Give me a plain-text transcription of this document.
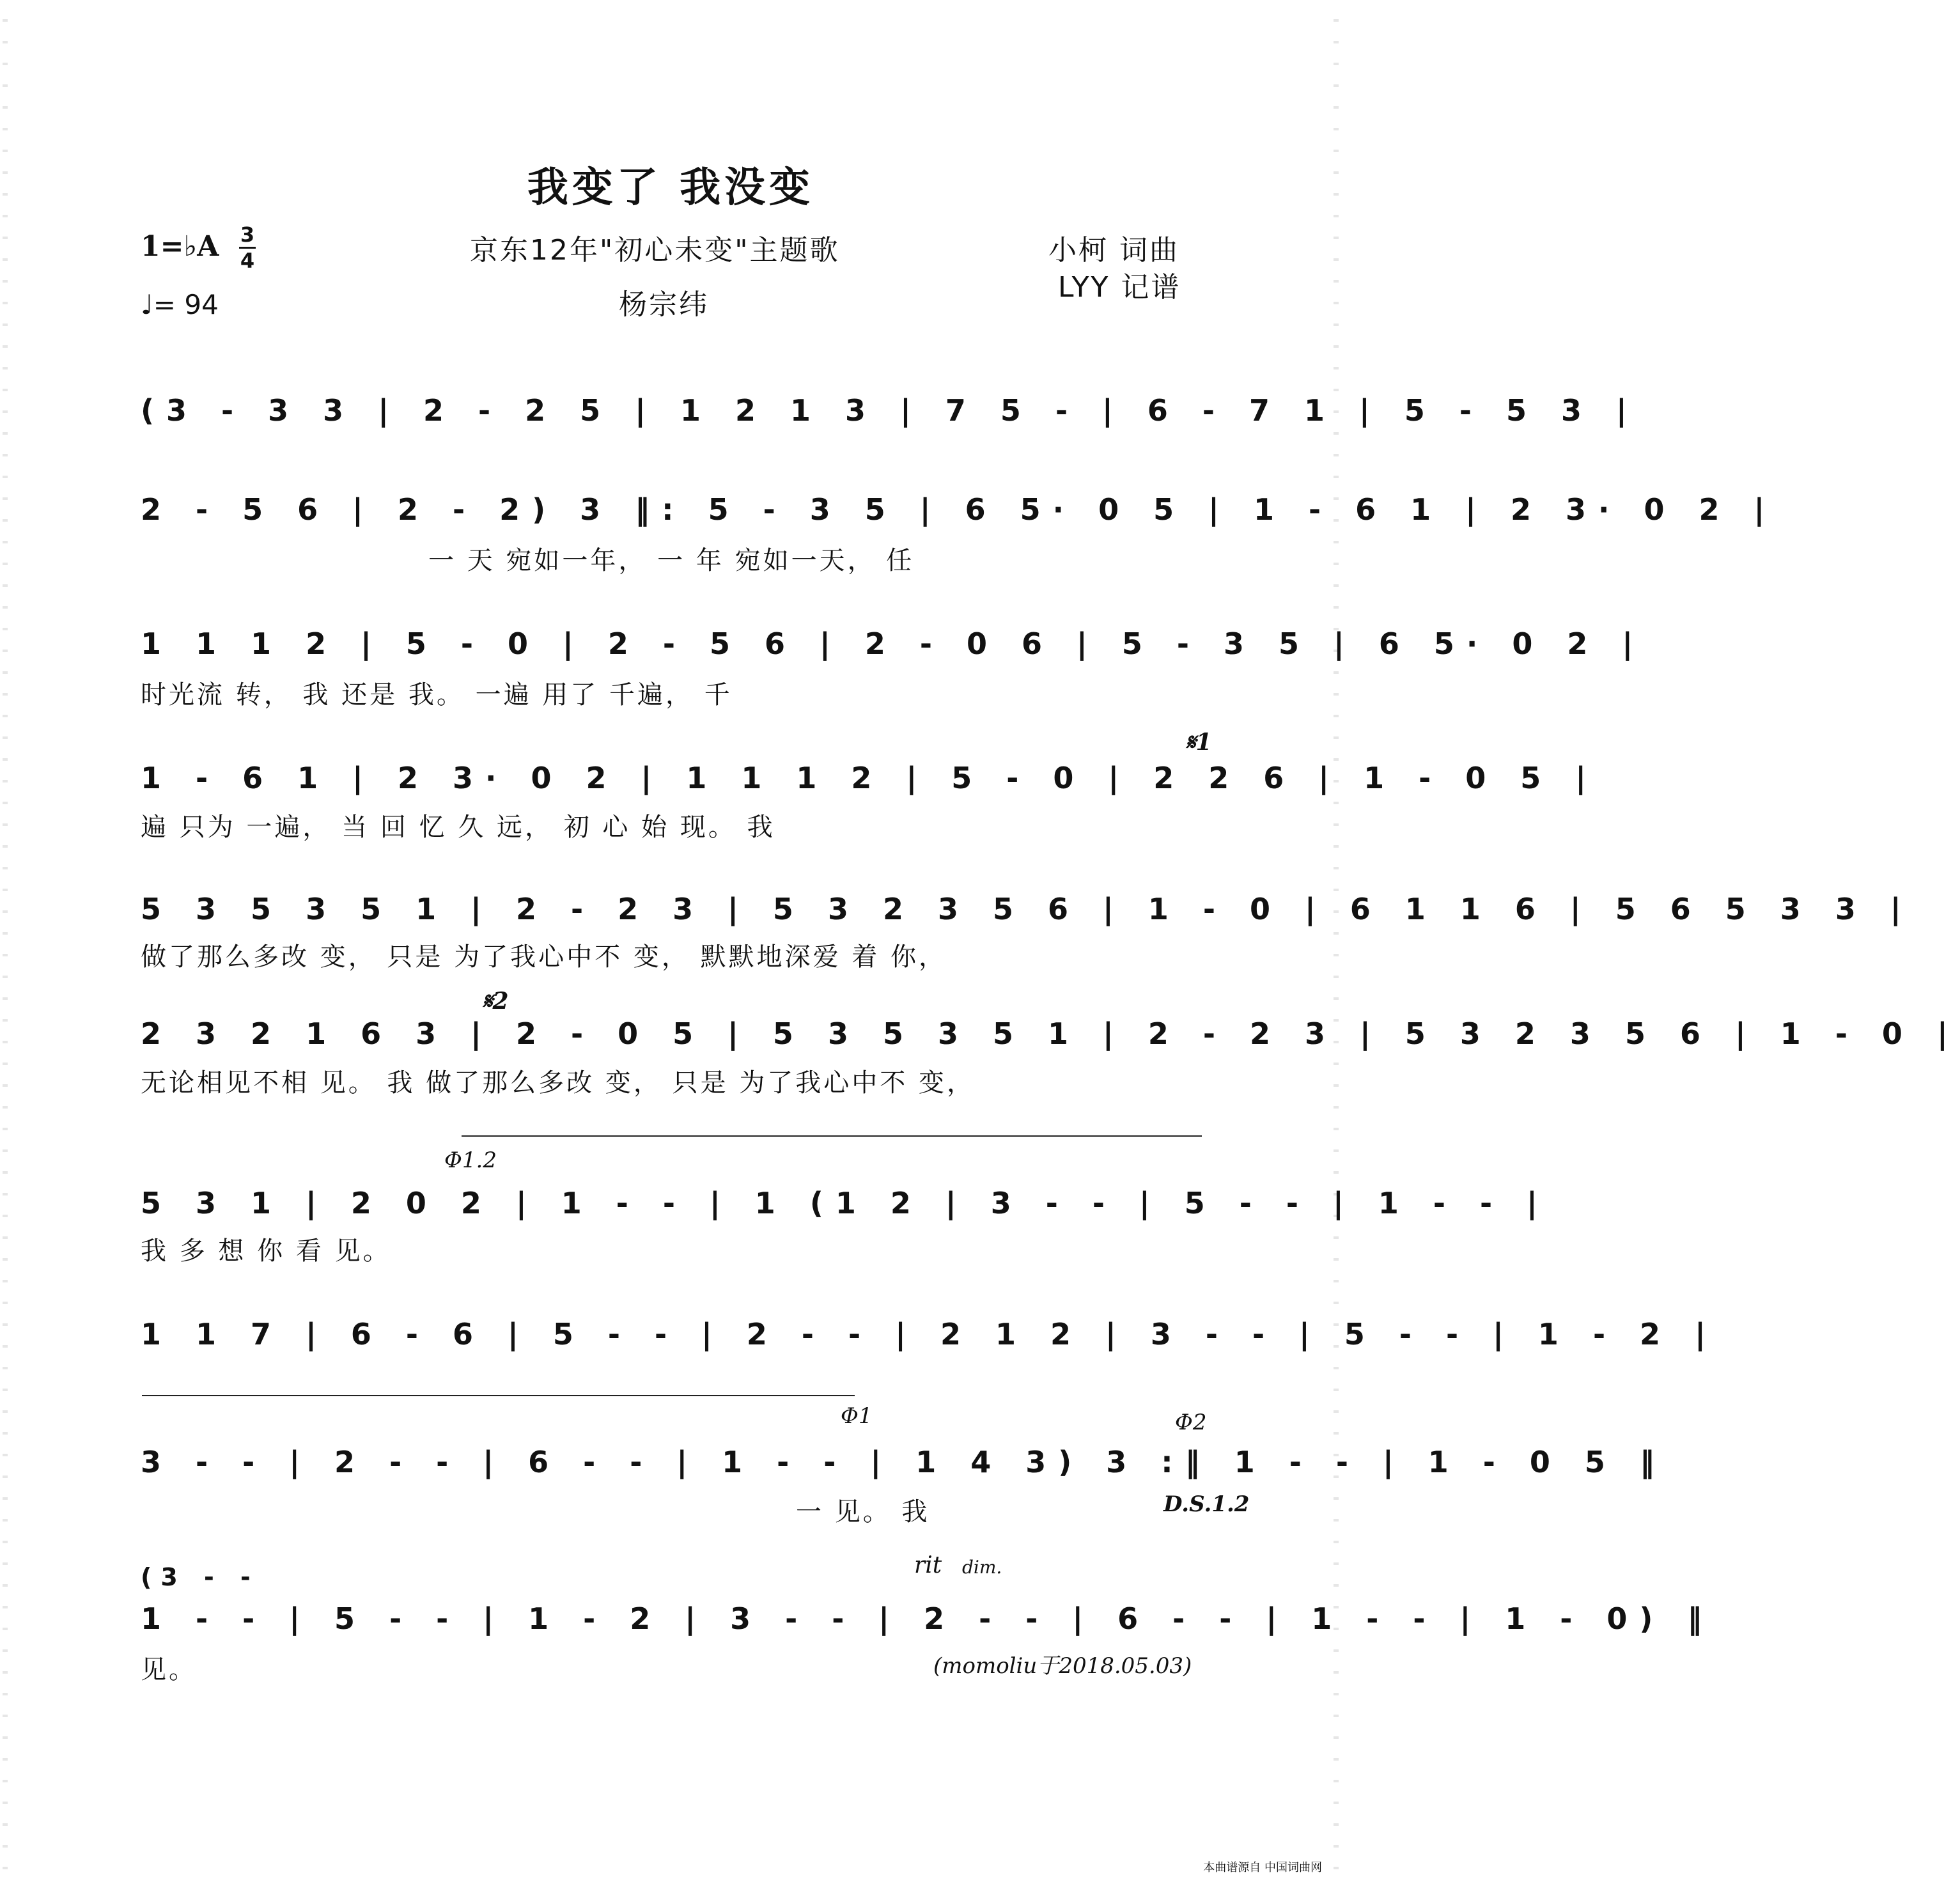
我变了 我没变
京东12年"初心未变"主题歌
杨宗纬
小柯 词曲
LYY 记谱
1=♭A 3
4
♩= 94
(3 - 3 3 | 2 - 2 5 | 1 2 1 3 | 7 5 - | 6 - 7 1 | 5 - 5 3 |
2 - 5 6 | 2 - 2) 3 ‖: 5 - 3 5 | 6 5· 0 5 | 1 - 6 1 | 2 3· 0 2 |
一 天 宛如一年， 一 年 宛如一天， 任
1 1 1 2 | 5 - 0 | 2 - 5 6 | 2 - 0 6 | 5 - 3 5 | 6 5· 0 2 |
时光流 转， 我 还是 我。 一遍 用了 千遍， 千
𝄋1
1 - 6 1 | 2 3· 0 2 | 1 1 1 2 | 5 - 0 | 2 2 6 | 1 - 0 5 |
遍 只为 一遍， 当 回 忆 久 远， 初 心 始 现。 我
5 3 5 3 5 1 | 2 - 2 3 | 5 3 2 3 5 6 | 1 - 0 | 6 1 1 6 | 5 6 5 3 3 |
做了那么多改 变， 只是 为了我心中不 变， 默默地深爱 着 你，
𝄋2
2 3 2 1 6 3 | 2 - 0 5 | 5 3 5 3 5 1 | 2 - 2 3 | 5 3 2 3 5 6 | 1 - 0 |
无论相见不相 见。 我 做了那么多改 变， 只是 为了我心中不 变，
Φ1.2
5 3 1 | 2 0 2 | 1 - - | 1 (1 2 | 3 - - | 5 - - | 1 - - |
我 多 想 你 看 见。
1 1 7 | 6 - 6 | 5 - - | 2 - - | 2 1 2 | 3 - - | 5 - - | 1 - 2 |
Φ1	Φ2
3 - - | 2 - - | 6 - - | 1 - - | 1 4 3) 3 :‖ 1 - - | 1 - 0 5 ‖
一 见。 我	D.S.1.2
(3 - -	rit dim.
1 - - | 5 - - | 1 - 2 | 3 - - | 2 - - | 6 - - | 1 - - | 1 - 0) ‖
见。	(momoliu于2018.05.03)
本曲谱源自 中国词曲网
